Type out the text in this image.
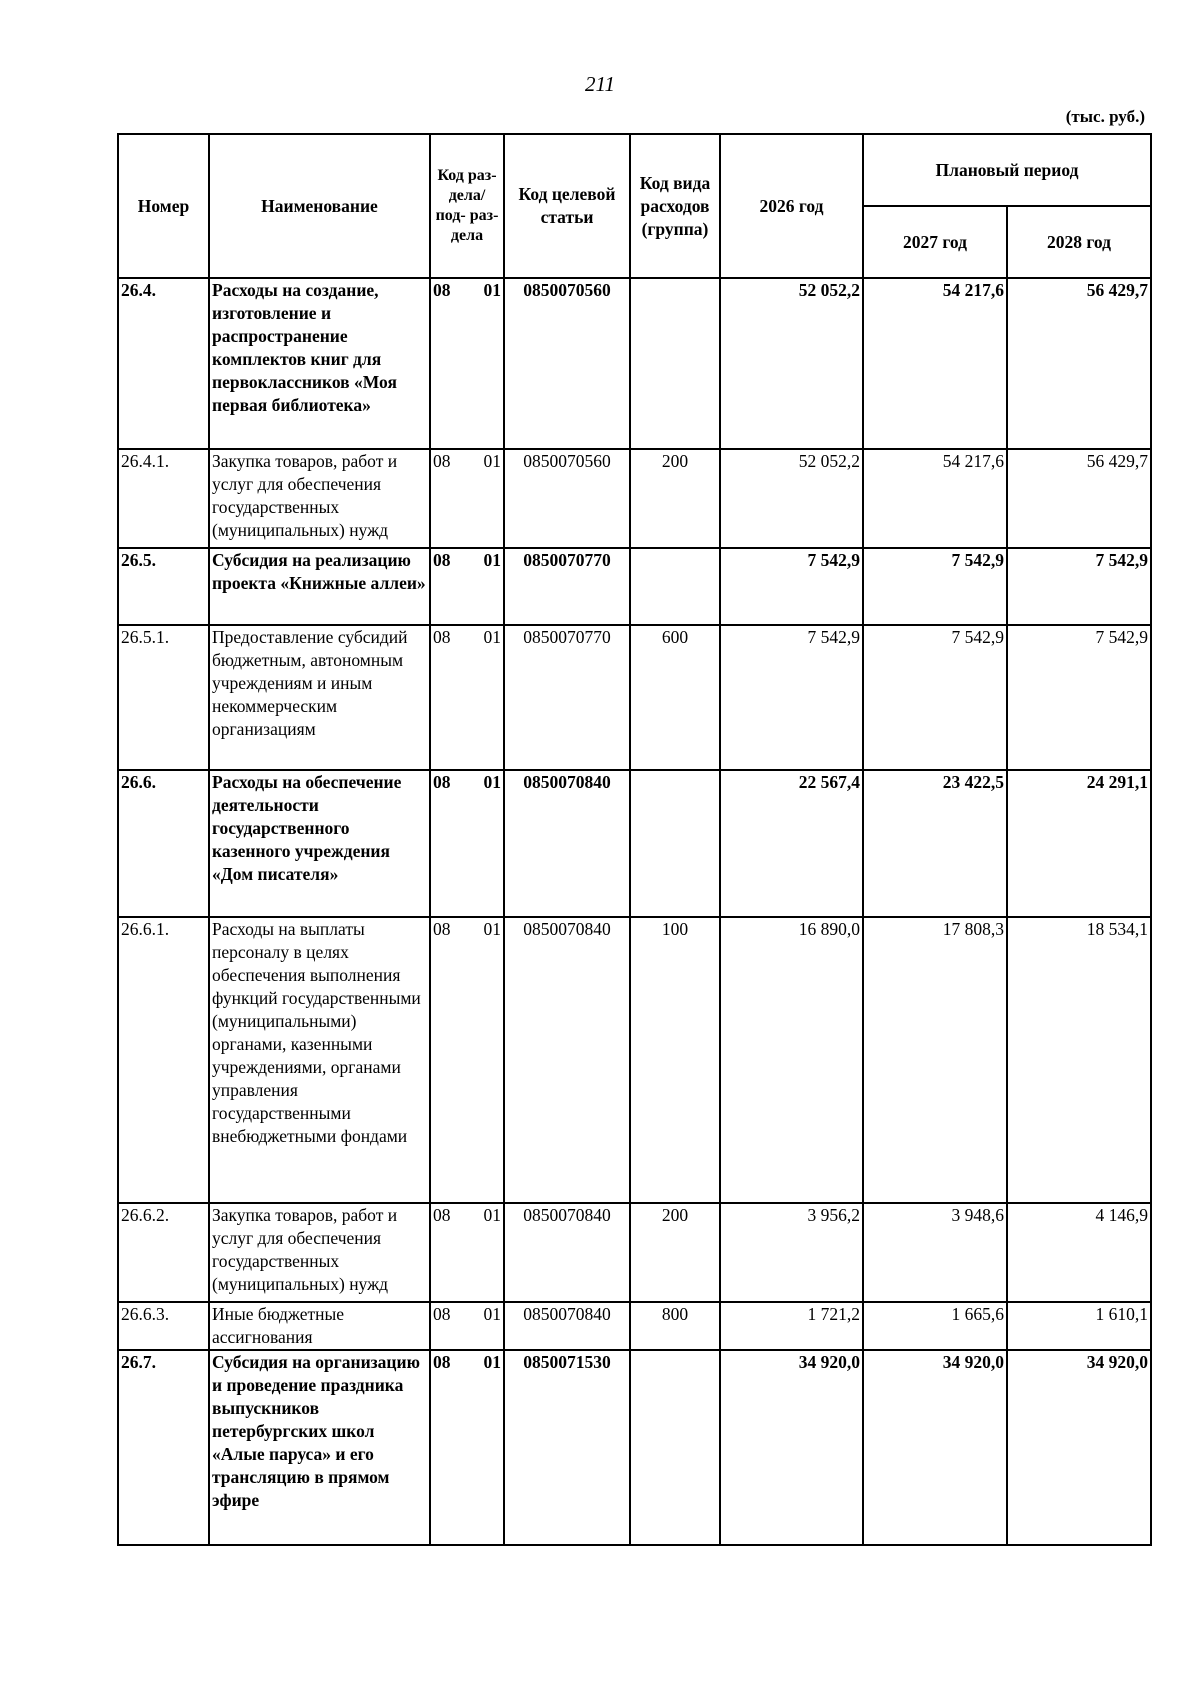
211
(тыс. руб.)
Номер	Наименование	Код раз- дела/ под- раз- дела	Код целевой статьи	Код вида расходов (группа)	2026 год	Плановый период	
						2027 год	2028 год
26.4.	Расходы на создание, изготовление и распространение комплектов книг для первоклассников «Моя первая библиотека»	08 01	0850070560		52 052,2	54 217,6	56 429,7
26.4.1.	Закупка товаров, работ и услуг для обеспечения государственных (муниципальных) нужд	08 01	0850070560	200	52 052,2	54 217,6	56 429,7
26.5.	Субсидия на реализацию проекта «Книжные аллеи»	08 01	0850070770		7 542,9	7 542,9	7 542,9
26.5.1.	Предоставление субсидий бюджетным, автономным учреждениям и иным некоммерческим организациям	08 01	0850070770	600	7 542,9	7 542,9	7 542,9
26.6.	Расходы на обеспечение деятельности государственного казенного учреждения «Дом писателя»	08 01	0850070840		22 567,4	23 422,5	24 291,1
26.6.1.	Расходы на выплаты персоналу в целях обеспечения выполнения функций государственными (муниципальными) органами, казенными учреждениями, органами управления государственными внебюджетными фондами	08 01	0850070840	100	16 890,0	17 808,3	18 534,1
26.6.2.	Закупка товаров, работ и услуг для обеспечения государственных (муниципальных) нужд	08 01	0850070840	200	3 956,2	3 948,6	4 146,9
26.6.3.	Иные бюджетные ассигнования	08 01	0850070840	800	1 721,2	1 665,6	1 610,1
26.7.	Субсидия на организацию и проведение праздника выпускников петербургских школ «Алые паруса» и его трансляцию в прямом эфире	08 01	0850071530		34 920,0	34 920,0	34 920,0
